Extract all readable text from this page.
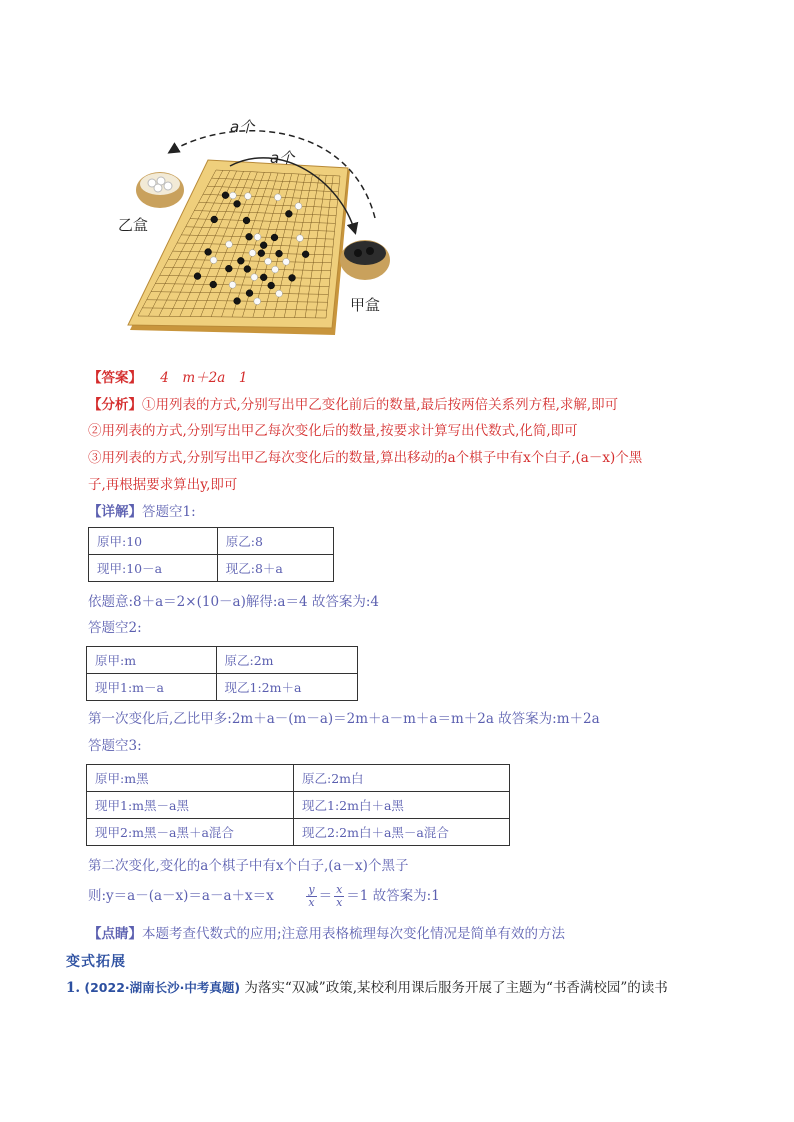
a个
a个
乙盒
甲盒
【答案】 4　m＋2a　1
【分析】①用列表的方式,分别写出甲乙变化前后的数量,最后按两倍关系列方程,求解,即可
②用列表的方式,分别写出甲乙每次变化后的数量,按要求计算写出代数式,化简,即可
③用列表的方式,分别写出甲乙每次变化后的数量,算出移动的a个棋子中有x个白子,(a－x)个黑
子,再根据要求算出y,即可
【详解】答题空1:
原甲:10	原乙:8
现甲:10－a	现乙:8＋a
依题意:8＋a＝2×(10－a)解得:a＝4 故答案为:4
答题空2:
原甲:m	原乙:2m
现甲1:m－a	现乙1:2m＋a
第一次变化后,乙比甲多:2m＋a－(m－a)＝2m＋a－m＋a＝m＋2a 故答案为:m＋2a
答题空3:
原甲:m黑	原乙:2m白
现甲1:m黑－a黑	现乙1:2m白＋a黑
现甲2:m黑－a黑＋a混合	现乙2:2m白＋a黑－a混合
第二次变化,变化的a个棋子中有x个白子,(a－x)个黑子
则:y＝a－(a－x)＝a－a＋x＝x	$\frac{y}{x} = \frac{x}{x} =1$ 故答案为:1
【点睛】本题考查代数式的应用;注意用表格梳理每次变化情况是简单有效的方法
变式拓展
1. (2022·湖南长沙·中考真题) 为落实“双减”政策,某校利用课后服务开展了主题为“书香满校园”的读书
